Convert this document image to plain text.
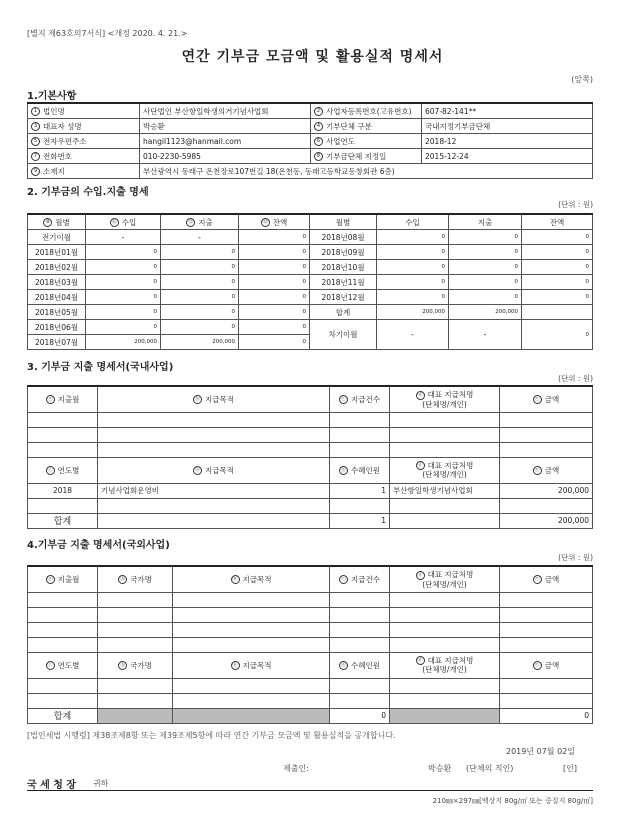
[별지 제63호의7서식] <개정 2020. 4. 21.>
연간 기부금 모금액 및 활용실적 명세서
(앞쪽)
1.기본사항
1 법인명	사단법인 부산항일학생의거기념사업회	2 사업자등록번호(고유번호)	607-82-141**
3 대표자 성명	박승환	4 기부단체 구분	국내지정기부금단체
5 전자우편주소	hangil1123@hanmail.com	6 사업연도	2018-12
7 전화번호	010-2230-5985	8 기부금단체 지정일	2015-12-24
9 소재지	부산광역시 동래구 온천장로107번길 18(온천동, 동래고등학교동창회관 6층)		
2. 기부금의 수입.지출 명세
(단위 : 원)
⑩ 월별	⑪ 수입	⑫ 지출	⑬ 잔액	월별	수입	지출	잔액
전기이월	-	-	0	2018년08월	0	0	0
2018년01월	0	0	0	2018년09월	0	0	0
2018년02월	0	0	0	2018년10월	0	0	0
2018년03월	0	0	0	2018년11월	0	0	0
2018년04월	0	0	0	2018년12월	0	0	0
2018년05월	0	0	0	합계	200,000	200,000	
2018년06월	0	0	0	차기이월	-	-	0
2018년07월	200,000	200,000	0				
3. 기부금 지출 명세서(국내사업)
(단위 : 원)
ⓐ 지출월	ⓑ 지급목적	ⓒ 지급건수	ⓓ 대표 지급처명
(단체명/개인)	ⓔ 금액

ⓕ 연도별	ⓑ 지급목적	ⓖ 수혜인원	ⓓ 대표 지급처명
(단체명/개인)	ⓔ 금액
2018	기념사업회운영비	1	부산항일학생기념사업회	200,000

합계		1		200,000
4.기부금 지출 명세서(국외사업)
(단위 : 원)
ⓐ 지출월	ⓗ 국가명	ⓑ 지급목적	ⓒ 지급건수	ⓓ 대표 지급처명
(단체명/개인)	ⓔ 금액

ⓕ 연도별	ⓗ 국가명	ⓑ 지급목적	ⓖ 수혜인원	ⓓ 대표 지급처명
(단체명/개인)	ⓔ 금액

합계			0		0
[법인세법 시행령] 제38조제8항 또는 제39조제5항에 따라 연간 기부금 모금액 및 활용실적을 공개합니다.
2019년 07월 02일
제출인:	박승환 (단체의 직인)	[인]
국 세 청 장 귀하
210㎜×297㎜[백상지 80g/㎡ 또는 중질지 80g/㎡]
